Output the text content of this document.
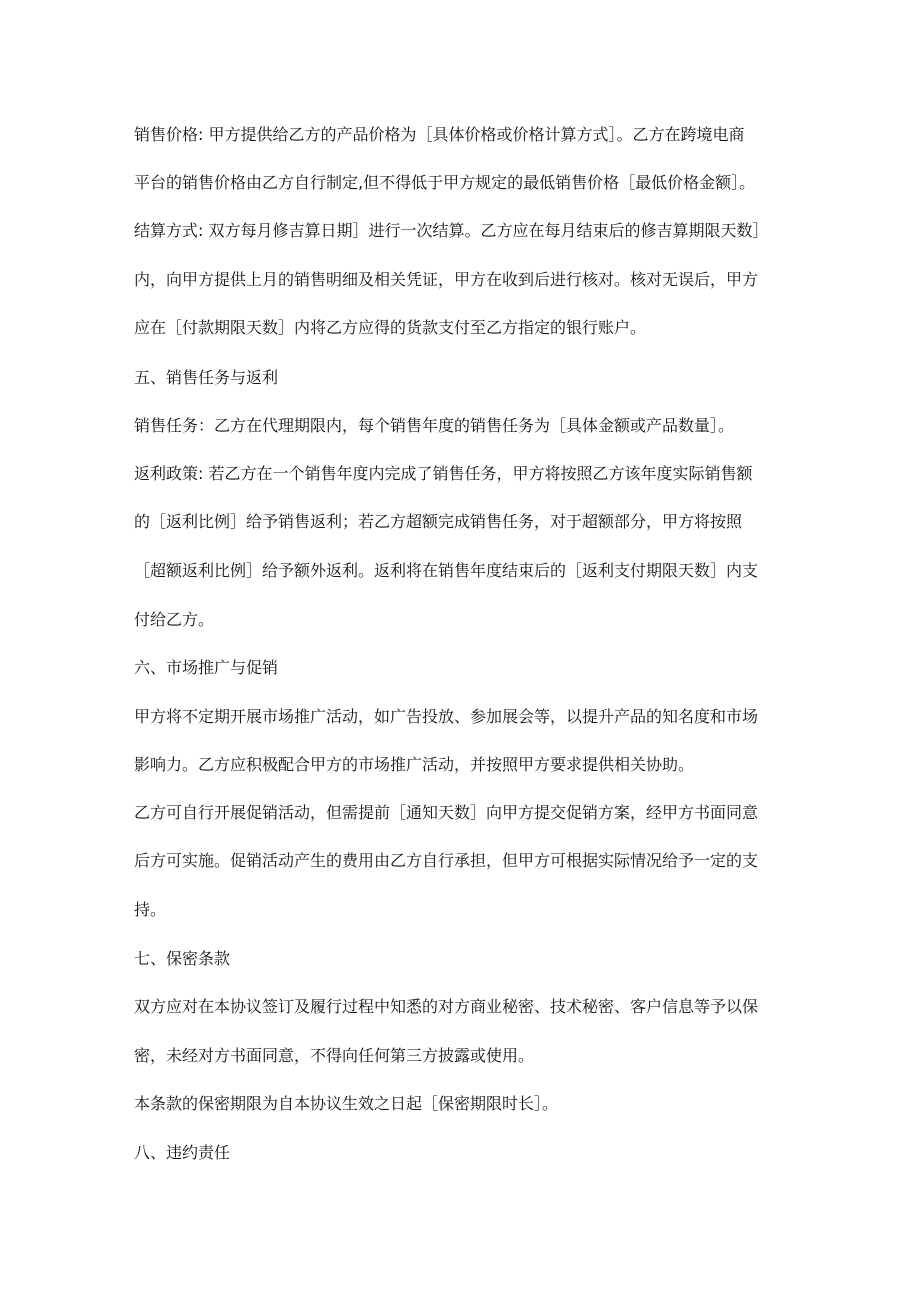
销售价格: 甲方提供给乙方的产品价格为［具体价格或价格计算方式］。乙方在跨境电商
平台的销售价格由乙方自行制定,但不得低于甲方规定的最低销售价格［最低价格金额］。
结算方式: 双方每月修吉算日期］进行一次结算。乙方应在每月结束后的修吉算期限天数］
内，向甲方提供上月的销售明细及相关凭证，甲方在收到后进行核对。核对无误后，甲方
应在［付款期限天数］内将乙方应得的货款支付至乙方指定的银行账户。
五、销售任务与返利
销售任务：乙方在代理期限内，每个销售年度的销售任务为［具体金额或产品数量］。
返利政策: 若乙方在一个销售年度内完成了销售任务，甲方将按照乙方该年度实际销售额
的［返利比例］给予销售返利；若乙方超额完成销售任务，对于超额部分，甲方将按照
［超额返利比例］给予额外返利。返利将在销售年度结束后的［返利支付期限天数］内支
付给乙方。
六、市场推广与促销
甲方将不定期开展市场推广活动，如广告投放、参加展会等，以提升产品的知名度和市场
影响力。乙方应积极配合甲方的市场推广活动，并按照甲方要求提供相关协助。
乙方可自行开展促销活动，但需提前［通知天数］向甲方提交促销方案，经甲方书面同意
后方可实施。促销活动产生的费用由乙方自行承担，但甲方可根据实际情况给予一定的支
持。
七、保密条款
双方应对在本协议签订及履行过程中知悉的对方商业秘密、技术秘密、客户信息等予以保
密，未经对方书面同意，不得向任何第三方披露或使用。
本条款的保密期限为自本协议生效之日起［保密期限时长］。
八、违约责任
